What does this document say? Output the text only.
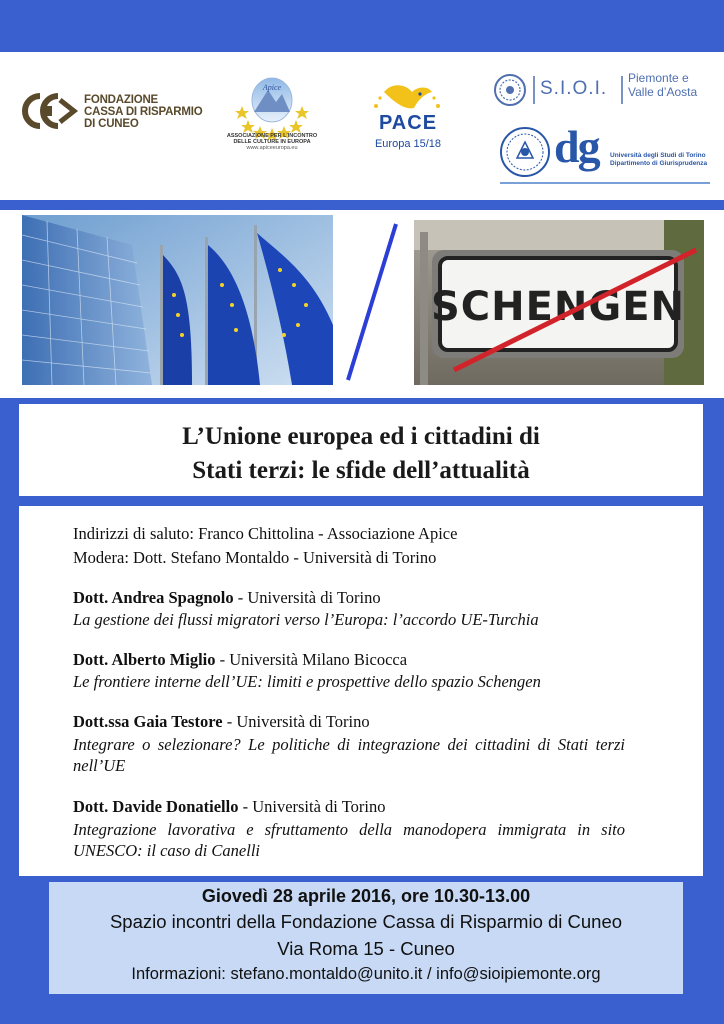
FONDAZIONE
CASSA DI RISPARMIO
DI CUNEO
Apice
ASSOCIAZIONE PER L'INCONTRO
DELLE CULTURE IN EUROPA
www.apiceeuropa.eu
PACE
Europa 15/18
S.I.O.I. Piemonte e
Valle d’Aosta
dg Università degli Studi di Torino
Dipartimento di Giurisprudenza
SCHENGEN
L’Unione europea ed i cittadini di
Stati terzi: le sfide dell’attualità
Indirizzi di saluto: Franco Chittolina - Associazione Apice
Modera: Dott. Stefano Montaldo - Università di Torino
Dott. Andrea Spagnolo - Università di Torino
La gestione dei flussi migratori verso l’Europa: l’accordo UE-Turchia
Dott. Alberto Miglio - Università Milano Bicocca
Le frontiere interne dell’UE: limiti e prospettive dello spazio Schengen
Dott.ssa Gaia Testore - Università di Torino
Integrare o selezionare? Le politiche di integrazione dei cittadini di Stati terzi nell’UE
Dott. Davide Donatiello - Università di Torino
Integrazione lavorativa e sfruttamento della manodopera immigrata in sito UNESCO: il caso di Canelli
Giovedì 28 aprile 2016, ore 10.30-13.00
Spazio incontri della Fondazione Cassa di Risparmio di Cuneo
Via Roma 15 - Cuneo
Informazioni: stefano.montaldo@unito.it / info@sioipiemonte.org
